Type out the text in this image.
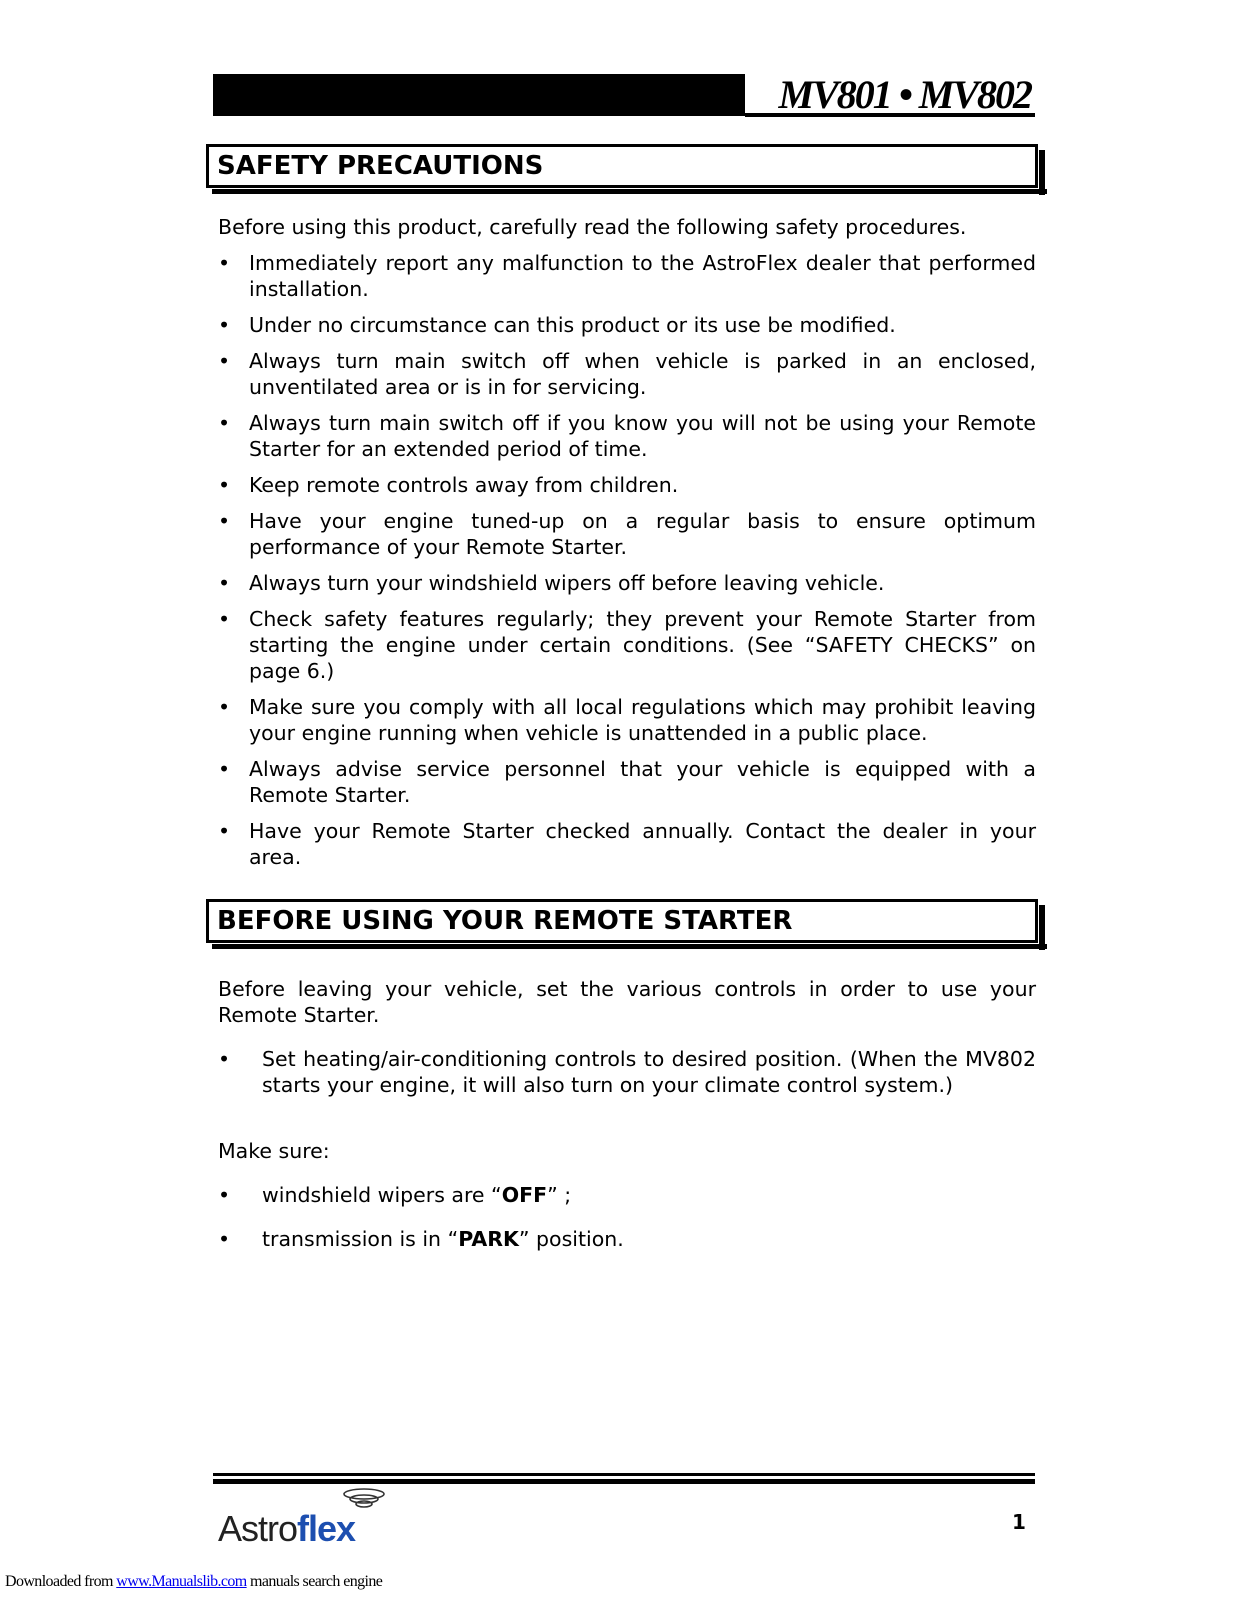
MV801 • MV802
SAFETY PRECAUTIONS
Before using this product, carefully read the following safety procedures.
• Immediately report any malfunction to the AstroFlex dealer that performed installation.
• Under no circumstance can this product or its use be modified.
• Always turn main switch off when vehicle is parked in an enclosed, unventilated area or is in for servicing.
• Always turn main switch off if you know you will not be using your Remote Starter for an extended period of time.
• Keep remote controls away from children.
• Have your engine tuned-up on a regular basis to ensure optimum performance of your Remote Starter.
• Always turn your windshield wipers off before leaving vehicle.
• Check safety features regularly; they prevent your Remote Starter from starting the engine under certain conditions. (See “SAFETY CHECKS” on page 6.)
• Make sure you comply with all local regulations which may prohibit leaving your engine running when vehicle is unattended in a public place.
• Always advise service personnel that your vehicle is equipped with a Remote Starter.
• Have your Remote Starter checked annually. Contact the dealer in your area.
BEFORE USING YOUR REMOTE STARTER
Before leaving your vehicle, set the various controls in order to use your Remote Starter.
• Set heating/air-conditioning controls to desired position. (When the MV802 starts your engine, it will also turn on your climate control system.)
Make sure:
• windshield wipers are “OFF” ;
• transmission is in “PARK” position.
Astroflex	1
Downloaded from www.Manualslib.com manuals search engine
